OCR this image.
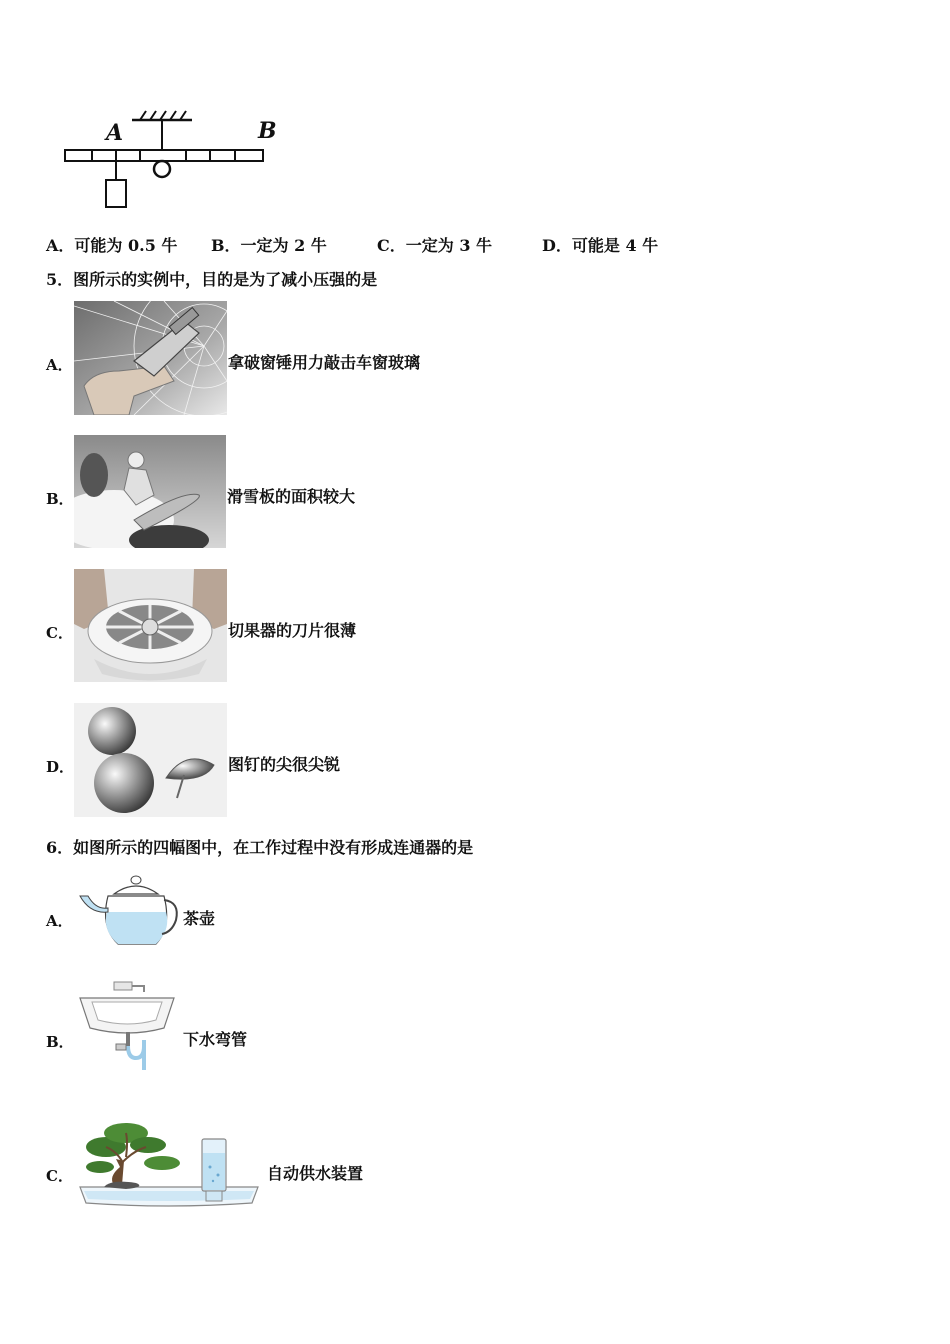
A	B
A．可能为 0.5 牛 B．一定为 2 牛	C．一定为 3 牛	D．可能是 4 牛
5．图所示的实例中，目的是为了减小压强的是
A．	拿破窗锤用力敲击车窗玻璃
B．	滑雪板的面积较大
C．	切果器的刀片很薄
D．	图钉的尖很尖锐
6．如图所示的四幅图中，在工作过程中没有形成连通器的是
A．	茶壶
B．	下水弯管
C．	自动供水装置
